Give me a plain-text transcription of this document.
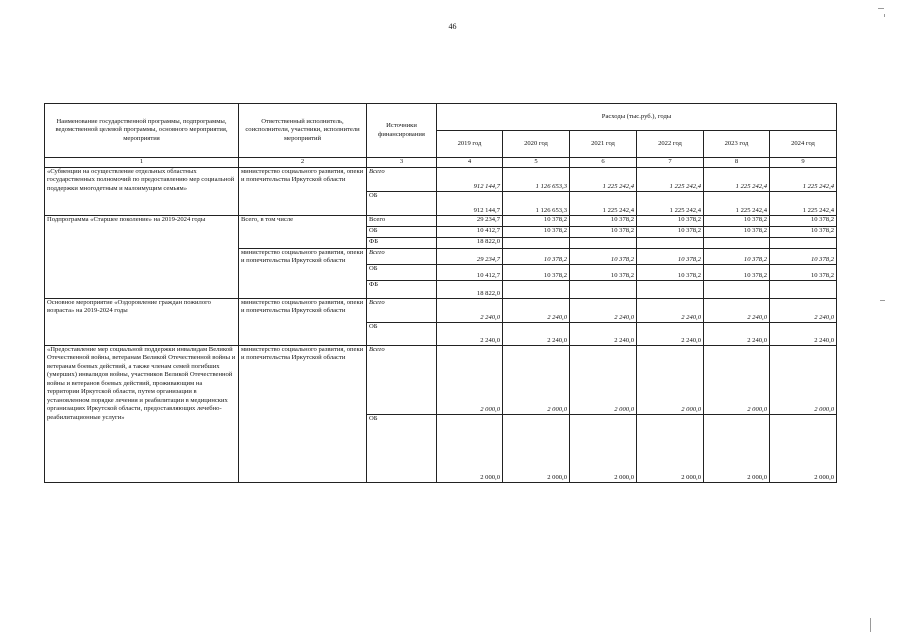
46
Наименование государственной программы, подпрограммы, ведомственной целевой программы, основного мероприятия, мероприятия	Ответственный исполнитель, соисполнители, участники, исполнители мероприятий	Источники финансирования	Расходы (тыс.руб.), годы					
			2019 год	2020 год	2021 год	2022 год	2023 год	2024 год
1	2	3	4	5	6	7	8	9
«Субвенции на осуществление отдельных областных государственных полномочий по предоставлению мер социальной поддержки многодетным и малоимущим семьям»	министерство социального развития, опеки и попечительства Иркутской области	Всего	912 144,7	1 126 653,3	1 225 242,4	1 225 242,4	1 225 242,4	1 225 242,4
		ОБ	912 144,7	1 126 653,3	1 225 242,4	1 225 242,4	1 225 242,4	1 225 242,4
Подпрограмма «Старшее поколение» на 2019-2024 годы	Всего, в том числе	Всего	29 234,7	10 378,2	10 378,2	10 378,2	10 378,2	10 378,2
		ОБ	10 412,7	10 378,2	10 378,2	10 378,2	10 378,2	10 378,2
		ФБ	18 822,0					
	министерство социального развития, опеки и попечительства Иркутской области	Всего	29 234,7	10 378,2	10 378,2	10 378,2	10 378,2	10 378,2
		ОБ	10 412,7	10 378,2	10 378,2	10 378,2	10 378,2	10 378,2
		ФБ	18 822,0					
Основное мероприятие «Оздоровление граждан пожилого возраста» на 2019-2024 годы	министерство социального развития, опеки и попечительства Иркутской области	Всего	2 240,0	2 240,0	2 240,0	2 240,0	2 240,0	2 240,0
		ОБ	2 240,0	2 240,0	2 240,0	2 240,0	2 240,0	2 240,0
«Предоставление мер социальной поддержки инвалидам Великой Отечественной войны, ветеранам Великой Отечественной войны и ветеранам боевых действий, а также членам семей погибших (умерших) инвалидов войны, участников Великой Отечественной войны и ветеранов боевых действий, проживающим на территории Иркутской области, путем организации в установленном порядке лечения и реабилитации в медицинских организациях Иркутской области, предоставляющих лечебно-реабилитационные услуги»	министерство социального развития, опеки и попечительства Иркутской области	Всего	2 000,0	2 000,0	2 000,0	2 000,0	2 000,0	2 000,0
		ОБ	2 000,0	2 000,0	2 000,0	2 000,0	2 000,0	2 000,0
